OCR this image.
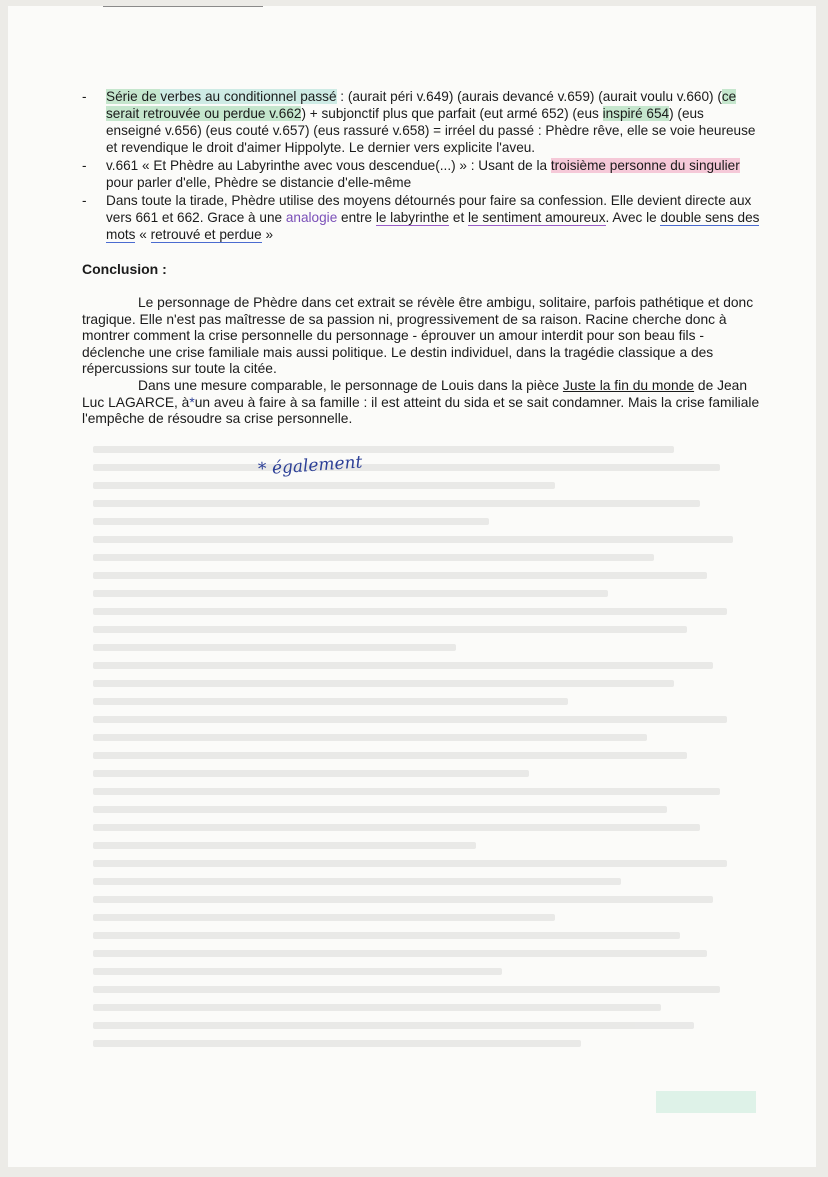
- Série de verbes au conditionnel passé : (aurait péri v.649) (aurais devancé v.659) (aurait voulu v.660) (ce serait retrouvée ou perdue v.662) + subjonctif plus que parfait (eut armé 652) (eus inspiré 654) (eus enseigné v.656) (eus couté v.657) (eus rassuré v.658) = irréel du passé : Phèdre rêve, elle se voie heureuse et revendique le droit d'aimer Hippolyte. Le dernier vers explicite l'aveu.
- v.661 « Et Phèdre au Labyrinthe avec vous descendue(...) » : Usant de la troisième personne du singulier pour parler d'elle, Phèdre se distancie d'elle-même
- Dans toute la tirade, Phèdre utilise des moyens détournés pour faire sa confession. Elle devient directe aux vers 661 et 662. Grace à une analogie entre le labyrinthe et le sentiment amoureux. Avec le double sens des mots « retrouvé et perdue »
Conclusion :

Le personnage de Phèdre dans cet extrait se révèle être ambigu, solitaire, parfois pathétique et donc tragique. Elle n'est pas maîtresse de sa passion ni, progressivement de sa raison. Racine cherche donc à montrer comment la crise personnelle du personnage - éprouver un amour interdit pour son beau fils - déclenche une crise familiale mais aussi politique. Le destin individuel, dans la tragédie classique a des répercussions sur toute la citée.

Dans une mesure comparable, le personnage de Louis dans la pièce Juste la fin du monde de Jean Luc LAGARCE, à*un aveu à faire à sa famille : il est atteint du sida et se sait condamner. Mais la crise familiale l'empêche de résoudre sa crise personnelle.

* également
